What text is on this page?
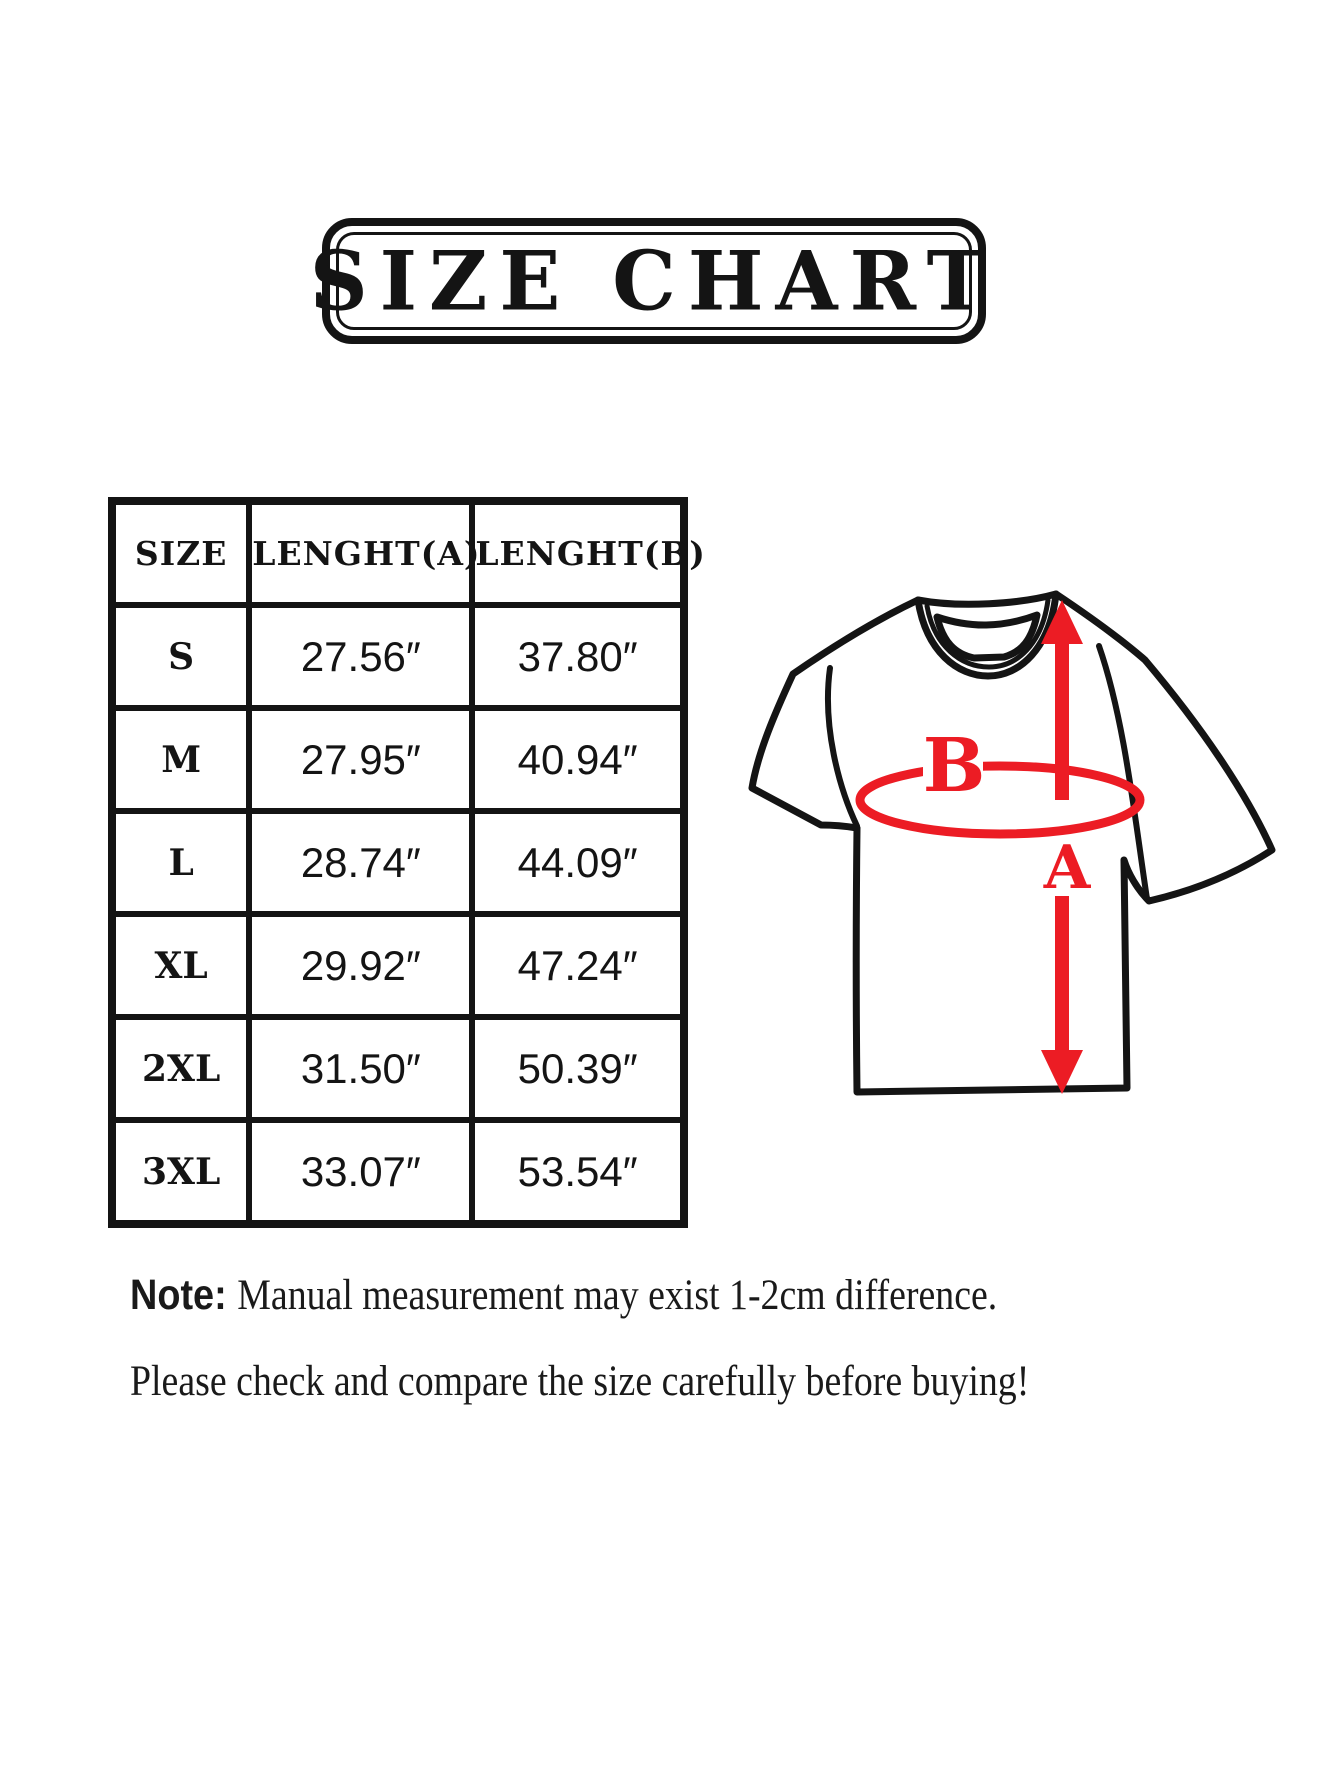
SIZE CHART
SIZE	LENGHT(A)	LENGHT(B)
S	27.56″	37.80″
M	27.95″	40.94″
L	28.74″	44.09″
XL	29.92″	47.24″
2XL	31.50″	50.39″
3XL	33.07″	53.54″
A
B
Note: Manual measurement may exist 1-2cm difference.
Please check and compare the size carefully before buying!
